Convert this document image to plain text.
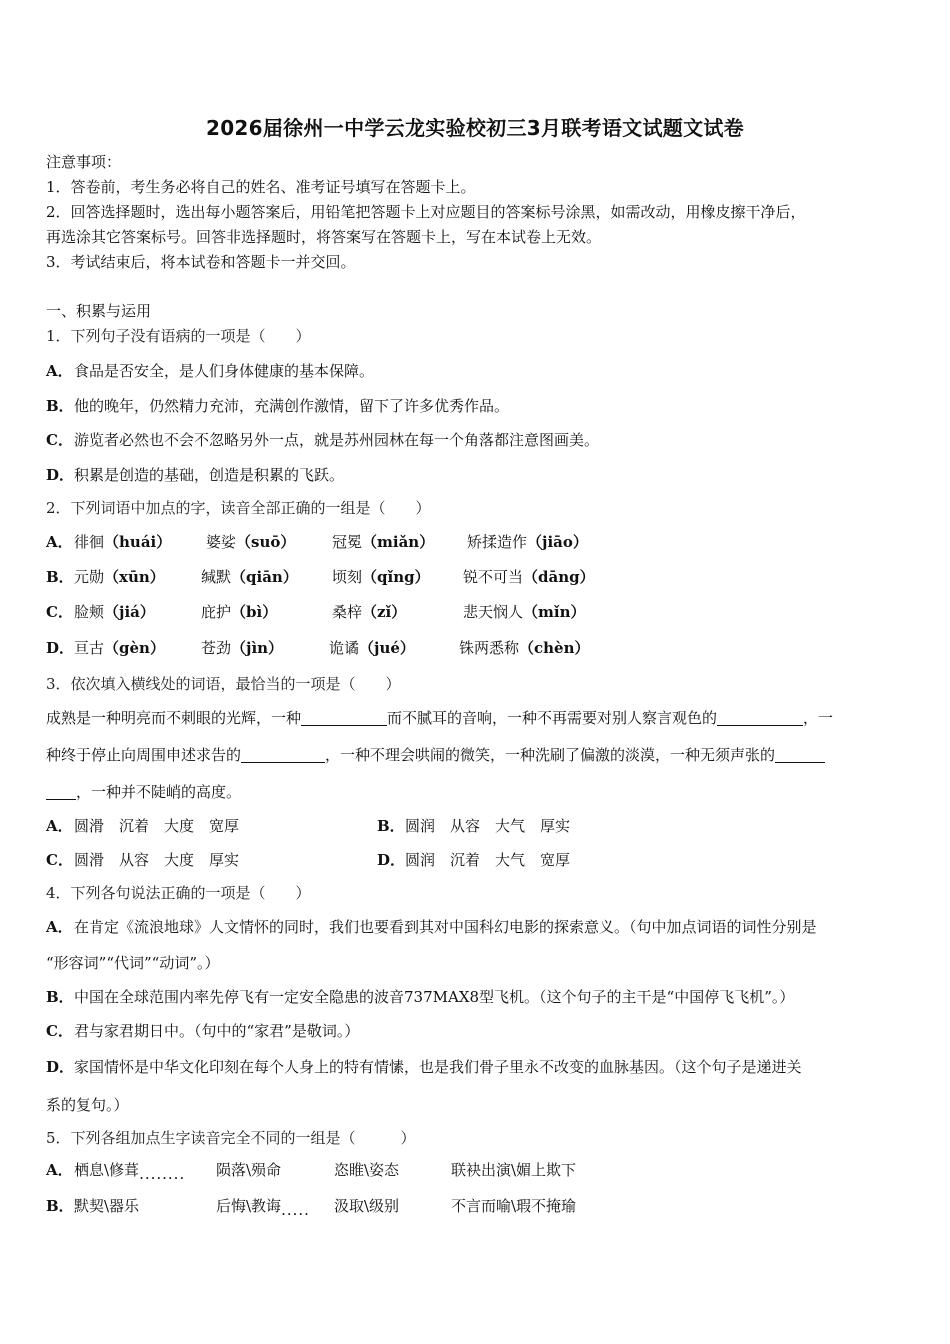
2026届徐州一中学云龙实验校初三3月联考语文试题文试卷
注意事项：
1．答卷前，考生务必将自己的姓名、准考证号填写在答题卡上。
2．回答选择题时，选出每小题答案后，用铅笔把答题卡上对应题目的答案标号涂黑，如需改动，用橡皮擦干净后，
再选涂其它答案标号。回答非选择题时，将答案写在答题卡上，写在本试卷上无效。
3．考试结束后，将本试卷和答题卡一并交回。
一、积累与运用
1．下列句子没有语病的一项是（　　）
A．食品是否安全，是人们身体健康的基本保障。
B．他的晚年，仍然精力充沛，充满创作激情，留下了许多优秀作品。
C．游览者必然也不会不忽略另外一点，就是苏州园林在每一个角落都注意图画美。
D．积累是创造的基础，创造是积累的飞跃。
2．下列词语中加点的字，读音全部正确的一组是（　　）
A． 徘徊（huái） 婆娑（suō） 冠冕（miǎn） 矫揉造作（jiāo）
B． 元勋（xūn） 缄默（qiān） 顷刻（qǐng） 锐不可当（dāng）
C． 脸颊（jiá）	庇护（bì）	桑梓（zǐ）	悲天悯人（mǐn）
D． 亘古（gèn） 苍劲（jìn）	诡谲（jué）	铢两悉称（chèn）
3．依次填入横线处的词语，最恰当的一项是（　　）
成熟是一种明亮而不刺眼的光辉，一种	而不腻耳的音响，一种不再需要对别人察言观色的	，一
种终于停止向周围申述求告的	，一种不理会哄闹的微笑，一种洗刷了偏激的淡漠，一种无须声张的
，一种并不陡峭的高度。
A．圆滑　沉着　大度　宽厚	B．圆润　从容　大气　厚实
C．圆滑　从容　大度　厚实	D．圆润　沉着　大气　宽厚
4．下列各句说法正确的一项是（　　）
A．在肯定《流浪地球》人文情怀的同时，我们也要看到其对中国科幻电影的探索意义。（句中加点词语的词性分别是
“形容词”“代词”“动词”。）
B．中国在全球范围内率先停飞有一定安全隐患的波音737MAX8型飞机。（这个句子的主干是“中国停飞飞机”。）
C．君与家君期日中。（句中的“家君”是敬词。）
D．家国情怀是中华文化印刻在每个人身上的特有情愫，也是我们骨子里永不改变的血脉基因。（这个句子是递进关
系的复句。）
5．下列各组加点生字读音完全不同的一组是（　　　）
A． 栖息\修葺........ 陨落\殒命	恣睢\姿态	联袂出演\媚上欺下
B． 默契\器乐	后悔\教诲..... 汲取\级别	不言而喻\瑕不掩瑜
